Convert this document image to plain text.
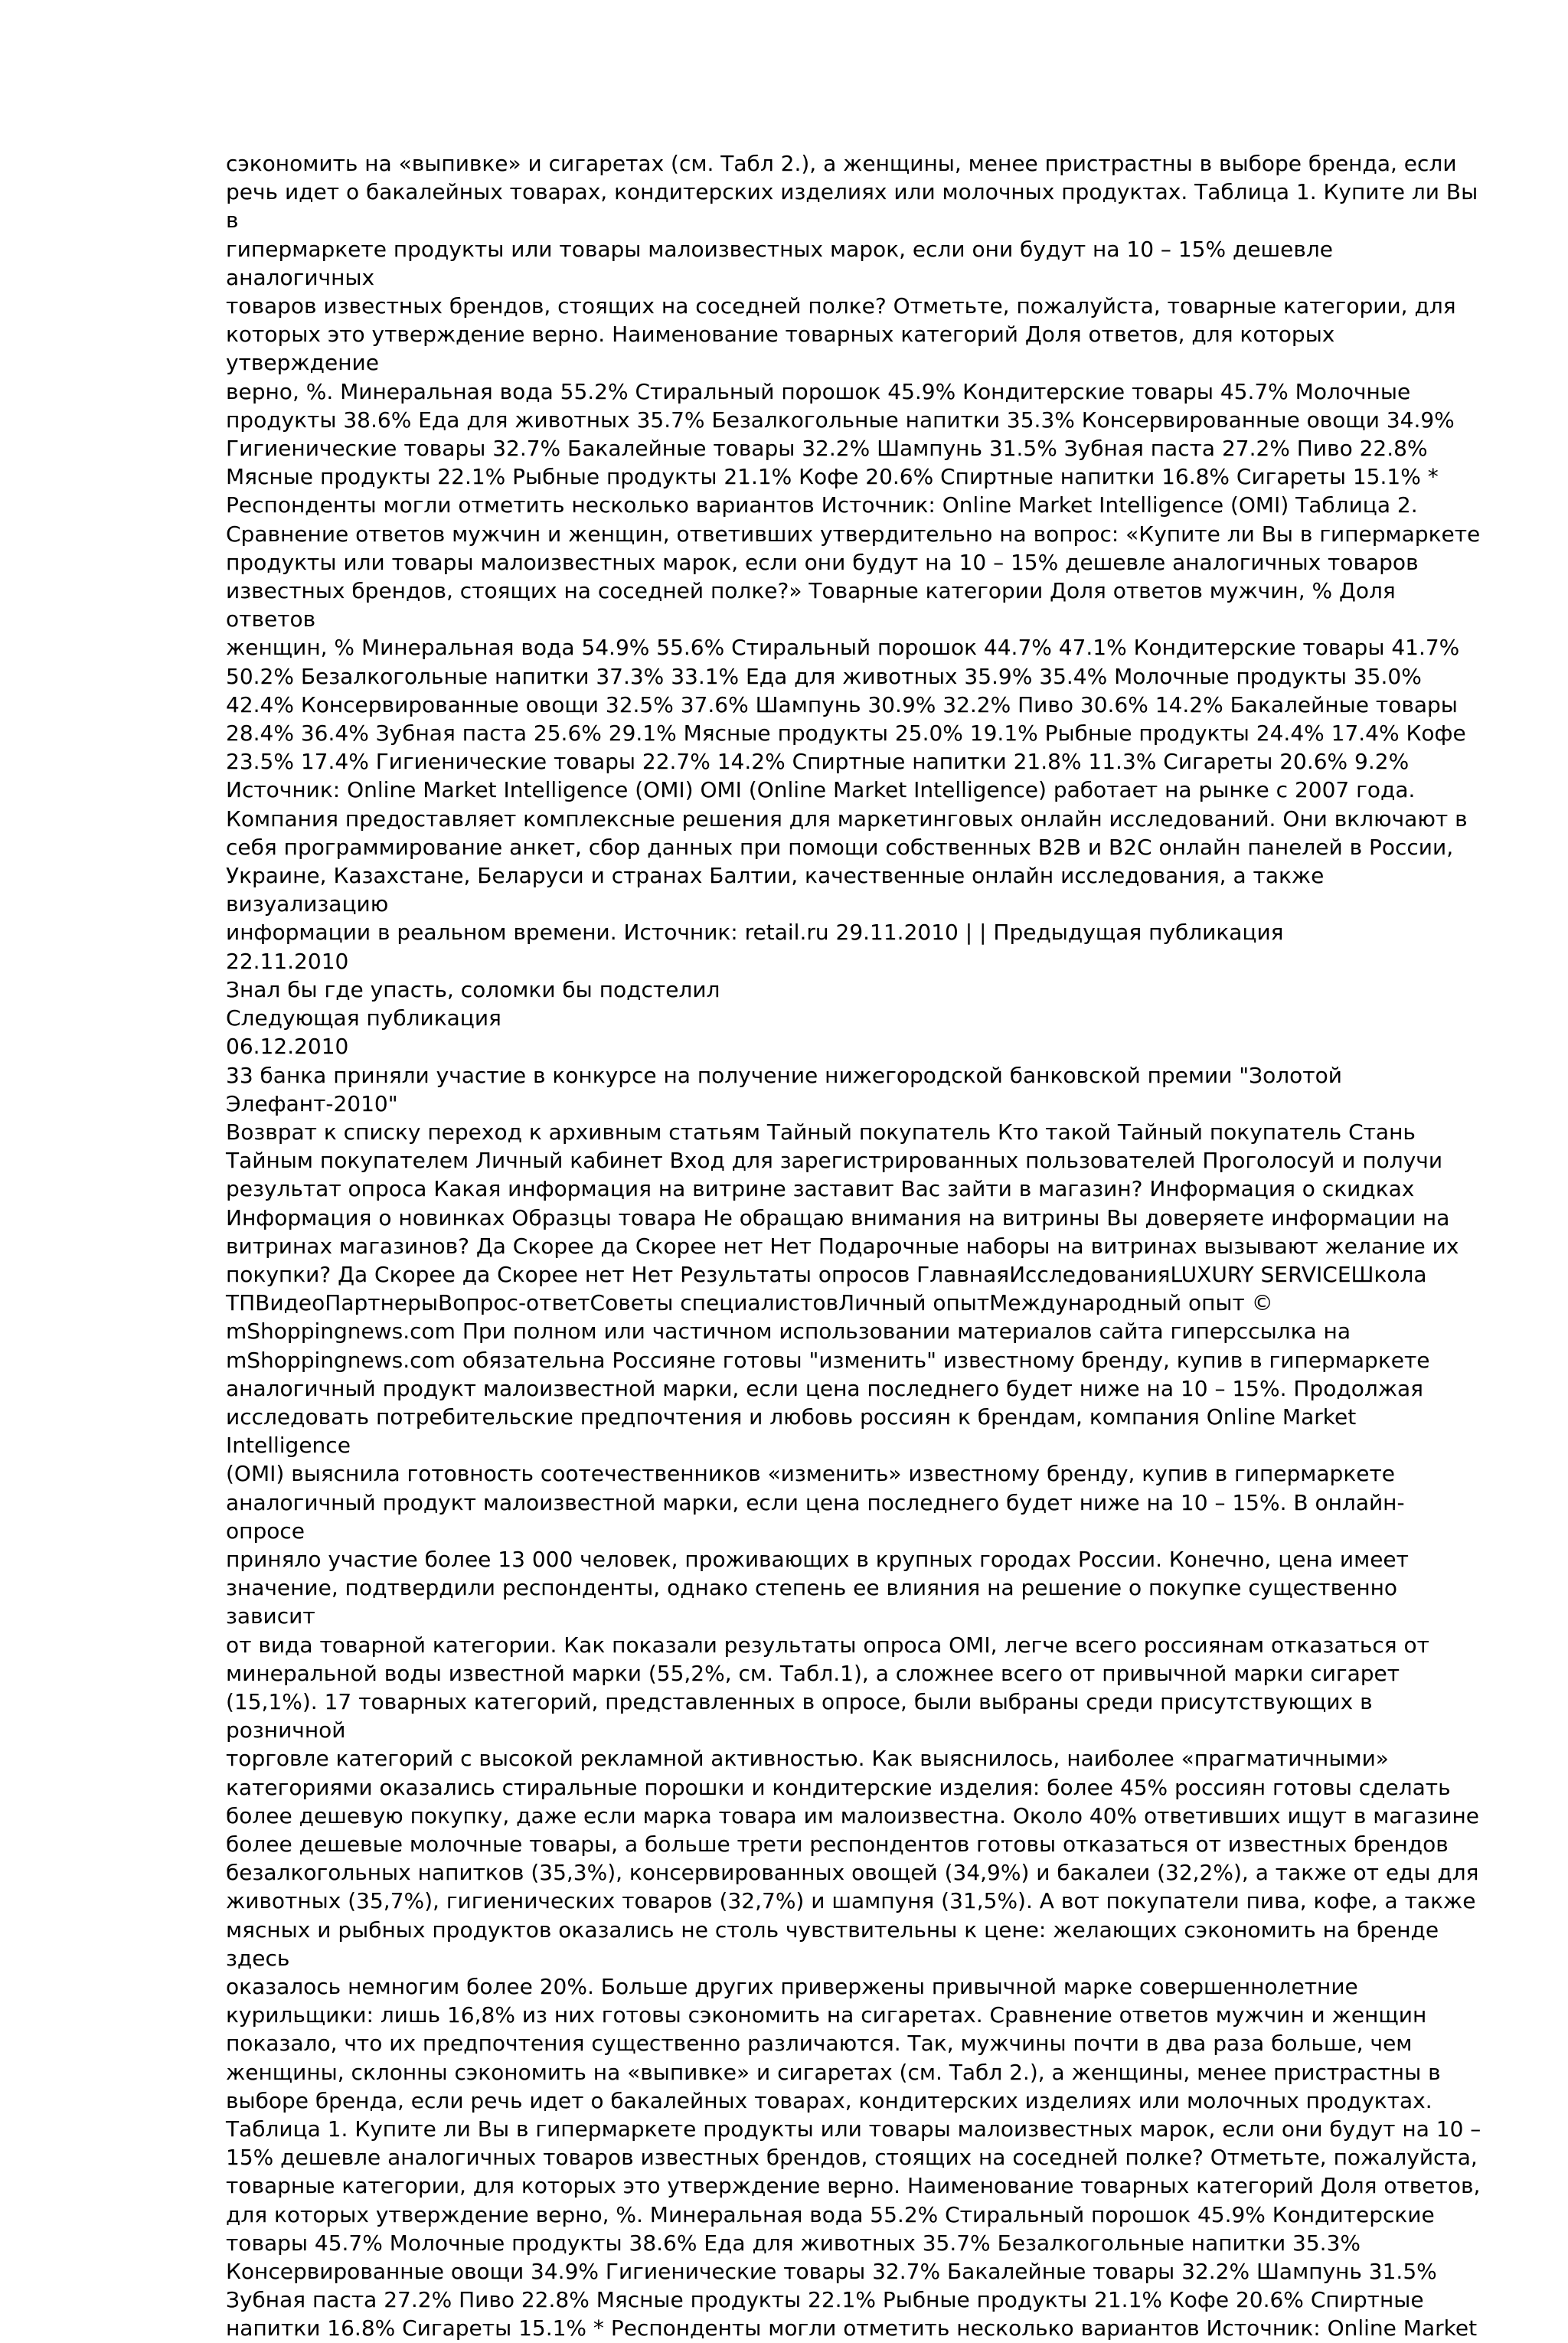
сэкономить на «выпивке» и сигаретах (см. Табл 2.), а женщины, менее пристрастны в выборе бренда, если
речь идет о бакалейных товарах, кондитерских изделиях или молочных продуктах. Таблица 1. Купите ли Вы в
гипермаркете продукты или товары малоизвестных марок, если они будут на 10 – 15% дешевле аналогичных
товаров известных брендов, стоящих на соседней полке? Отметьте, пожалуйста, товарные категории, для
которых это утверждение верно. Наименование товарных категорий Доля ответов, для которых утверждение
верно, %. Минеральная вода 55.2% Стиральный порошок 45.9% Кондитерские товары 45.7% Молочные
продукты 38.6% Еда для животных 35.7% Безалкогольные напитки 35.3% Консервированные овощи 34.9%
Гигиенические товары 32.7% Бакалейные товары 32.2% Шампунь 31.5% Зубная паста 27.2% Пиво 22.8%
Мясные продукты 22.1% Рыбные продукты 21.1% Кофе 20.6% Спиртные напитки 16.8% Сигареты 15.1% *
Респонденты могли отметить несколько вариантов Источник: Online Market Intelligence (OMI) Таблица 2.
Сравнение ответов мужчин и женщин, ответивших утвердительно на вопрос: «Купите ли Вы в гипермаркете
продукты или товары малоизвестных марок, если они будут на 10 – 15% дешевле аналогичных товаров
известных брендов, стоящих на соседней полке?» Товарные категории Доля ответов мужчин, % Доля ответов
женщин, % Минеральная вода 54.9% 55.6% Стиральный порошок 44.7% 47.1% Кондитерские товары 41.7%
50.2% Безалкогольные напитки 37.3% 33.1% Еда для животных 35.9% 35.4% Молочные продукты 35.0%
42.4% Консервированные овощи 32.5% 37.6% Шампунь 30.9% 32.2% Пиво 30.6% 14.2% Бакалейные товары
28.4% 36.4% Зубная паста 25.6% 29.1% Мясные продукты 25.0% 19.1% Рыбные продукты 24.4% 17.4% Кофе
23.5% 17.4% Гигиенические товары 22.7% 14.2% Спиртные напитки 21.8% 11.3% Сигареты 20.6% 9.2%
Источник: Online Market Intelligence (OMI) OMI (Online Market Intelligence) работает на рынке с 2007 года.
Компания предоставляет комплексные решения для маркетинговых онлайн исследований. Они включают в
себя программирование анкет, сбор данных при помощи собственных B2B и B2C онлайн панелей в России,
Украине, Казахстане, Беларуси и странах Балтии, качественные онлайн исследования, а также визуализацию
информации в реальном времени. Источник: retail.ru 29.11.2010 | | Предыдущая публикация

22.11.2010

Знал бы где упасть, соломки бы подстелил

Следующая публикация

06.12.2010

33 банка приняли участие в конкурсе на получение нижегородской банковской премии "Золотой
Элефант-2010"

Возврат к списку переход к архивным статьям Тайный покупатель Кто такой Тайный покупатель Стань
Тайным покупателем Личный кабинет Вход для зарегистрированных пользователей Проголосуй и получи
результат опроса Какая информация на витрине заставит Вас зайти в магазин? Информация о скидках
Информация о новинках Образцы товара Не обращаю внимания на витрины Вы доверяете информации на
витринах магазинов? Да Скорее да Скорее нет Нет Подарочные наборы на витринах вызывают желание их
покупки? Да Скорее да Скорее нет Нет Результаты опросов ГлавнаяИсследованияLUXURY SERVICEШкола
ТПВидеоПартнерыВопрос-ответСоветы специалистовЛичный опытМеждународный опыт ©
mShoppingnews.com При полном или частичном использовании материалов сайта гиперссылка на
mShoppingnews.com обязательна Россияне готовы "изменить" известному бренду, купив в гипермаркете
аналогичный продукт малоизвестной марки, если цена последнего будет ниже на 10 – 15%. Продолжая
исследовать потребительские предпочтения и любовь россиян к брендам, компания Online Market Intelligence
(OMI) выяснила готовность соотечественников «изменить» известному бренду, купив в гипермаркете
аналогичный продукт малоизвестной марки, если цена последнего будет ниже на 10 – 15%. В онлайн-опросе
приняло участие более 13 000 человек, проживающих в крупных городах России. Конечно, цена имеет
значение, подтвердили респонденты, однако степень ее влияния на решение о покупке существенно зависит
от вида товарной категории. Как показали результаты опроса OMI, легче всего россиянам отказаться от
минеральной воды известной марки (55,2%, см. Табл.1), а сложнее всего от привычной марки сигарет
(15,1%). 17 товарных категорий, представленных в опросе, были выбраны среди присутствующих в розничной
торговле категорий с высокой рекламной активностью. Как выяснилось, наиболее «прагматичными»
категориями оказались стиральные порошки и кондитерские изделия: более 45% россиян готовы сделать
более дешевую покупку, даже если марка товара им малоизвестна. Около 40% ответивших ищут в магазине
более дешевые молочные товары, а больше трети респондентов готовы отказаться от известных брендов
безалкогольных напитков (35,3%), консервированных овощей (34,9%) и бакалеи (32,2%), а также от еды для
животных (35,7%), гигиенических товаров (32,7%) и шампуня (31,5%). А вот покупатели пива, кофе, а также
мясных и рыбных продуктов оказались не столь чувствительны к цене: желающих сэкономить на бренде здесь
оказалось немногим более 20%. Больше других привержены привычной марке совершеннолетние
курильщики: лишь 16,8% из них готовы сэкономить на сигаретах. Сравнение ответов мужчин и женщин
показало, что их предпочтения существенно различаются. Так, мужчины почти в два раза больше, чем
женщины, склонны сэкономить на «выпивке» и сигаретах (см. Табл 2.), а женщины, менее пристрастны в
выборе бренда, если речь идет о бакалейных товарах, кондитерских изделиях или молочных продуктах.
Таблица 1. Купите ли Вы в гипермаркете продукты или товары малоизвестных марок, если они будут на 10 –
15% дешевле аналогичных товаров известных брендов, стоящих на соседней полке? Отметьте, пожалуйста,
товарные категории, для которых это утверждение верно. Наименование товарных категорий Доля ответов,
для которых утверждение верно, %. Минеральная вода 55.2% Стиральный порошок 45.9% Кондитерские
товары 45.7% Молочные продукты 38.6% Еда для животных 35.7% Безалкогольные напитки 35.3%
Консервированные овощи 34.9% Гигиенические товары 32.7% Бакалейные товары 32.2% Шампунь 31.5%
Зубная паста 27.2% Пиво 22.8% Мясные продукты 22.1% Рыбные продукты 21.1% Кофе 20.6% Спиртные
напитки 16.8% Сигареты 15.1% * Респонденты могли отметить несколько вариантов Источник: Online Market
